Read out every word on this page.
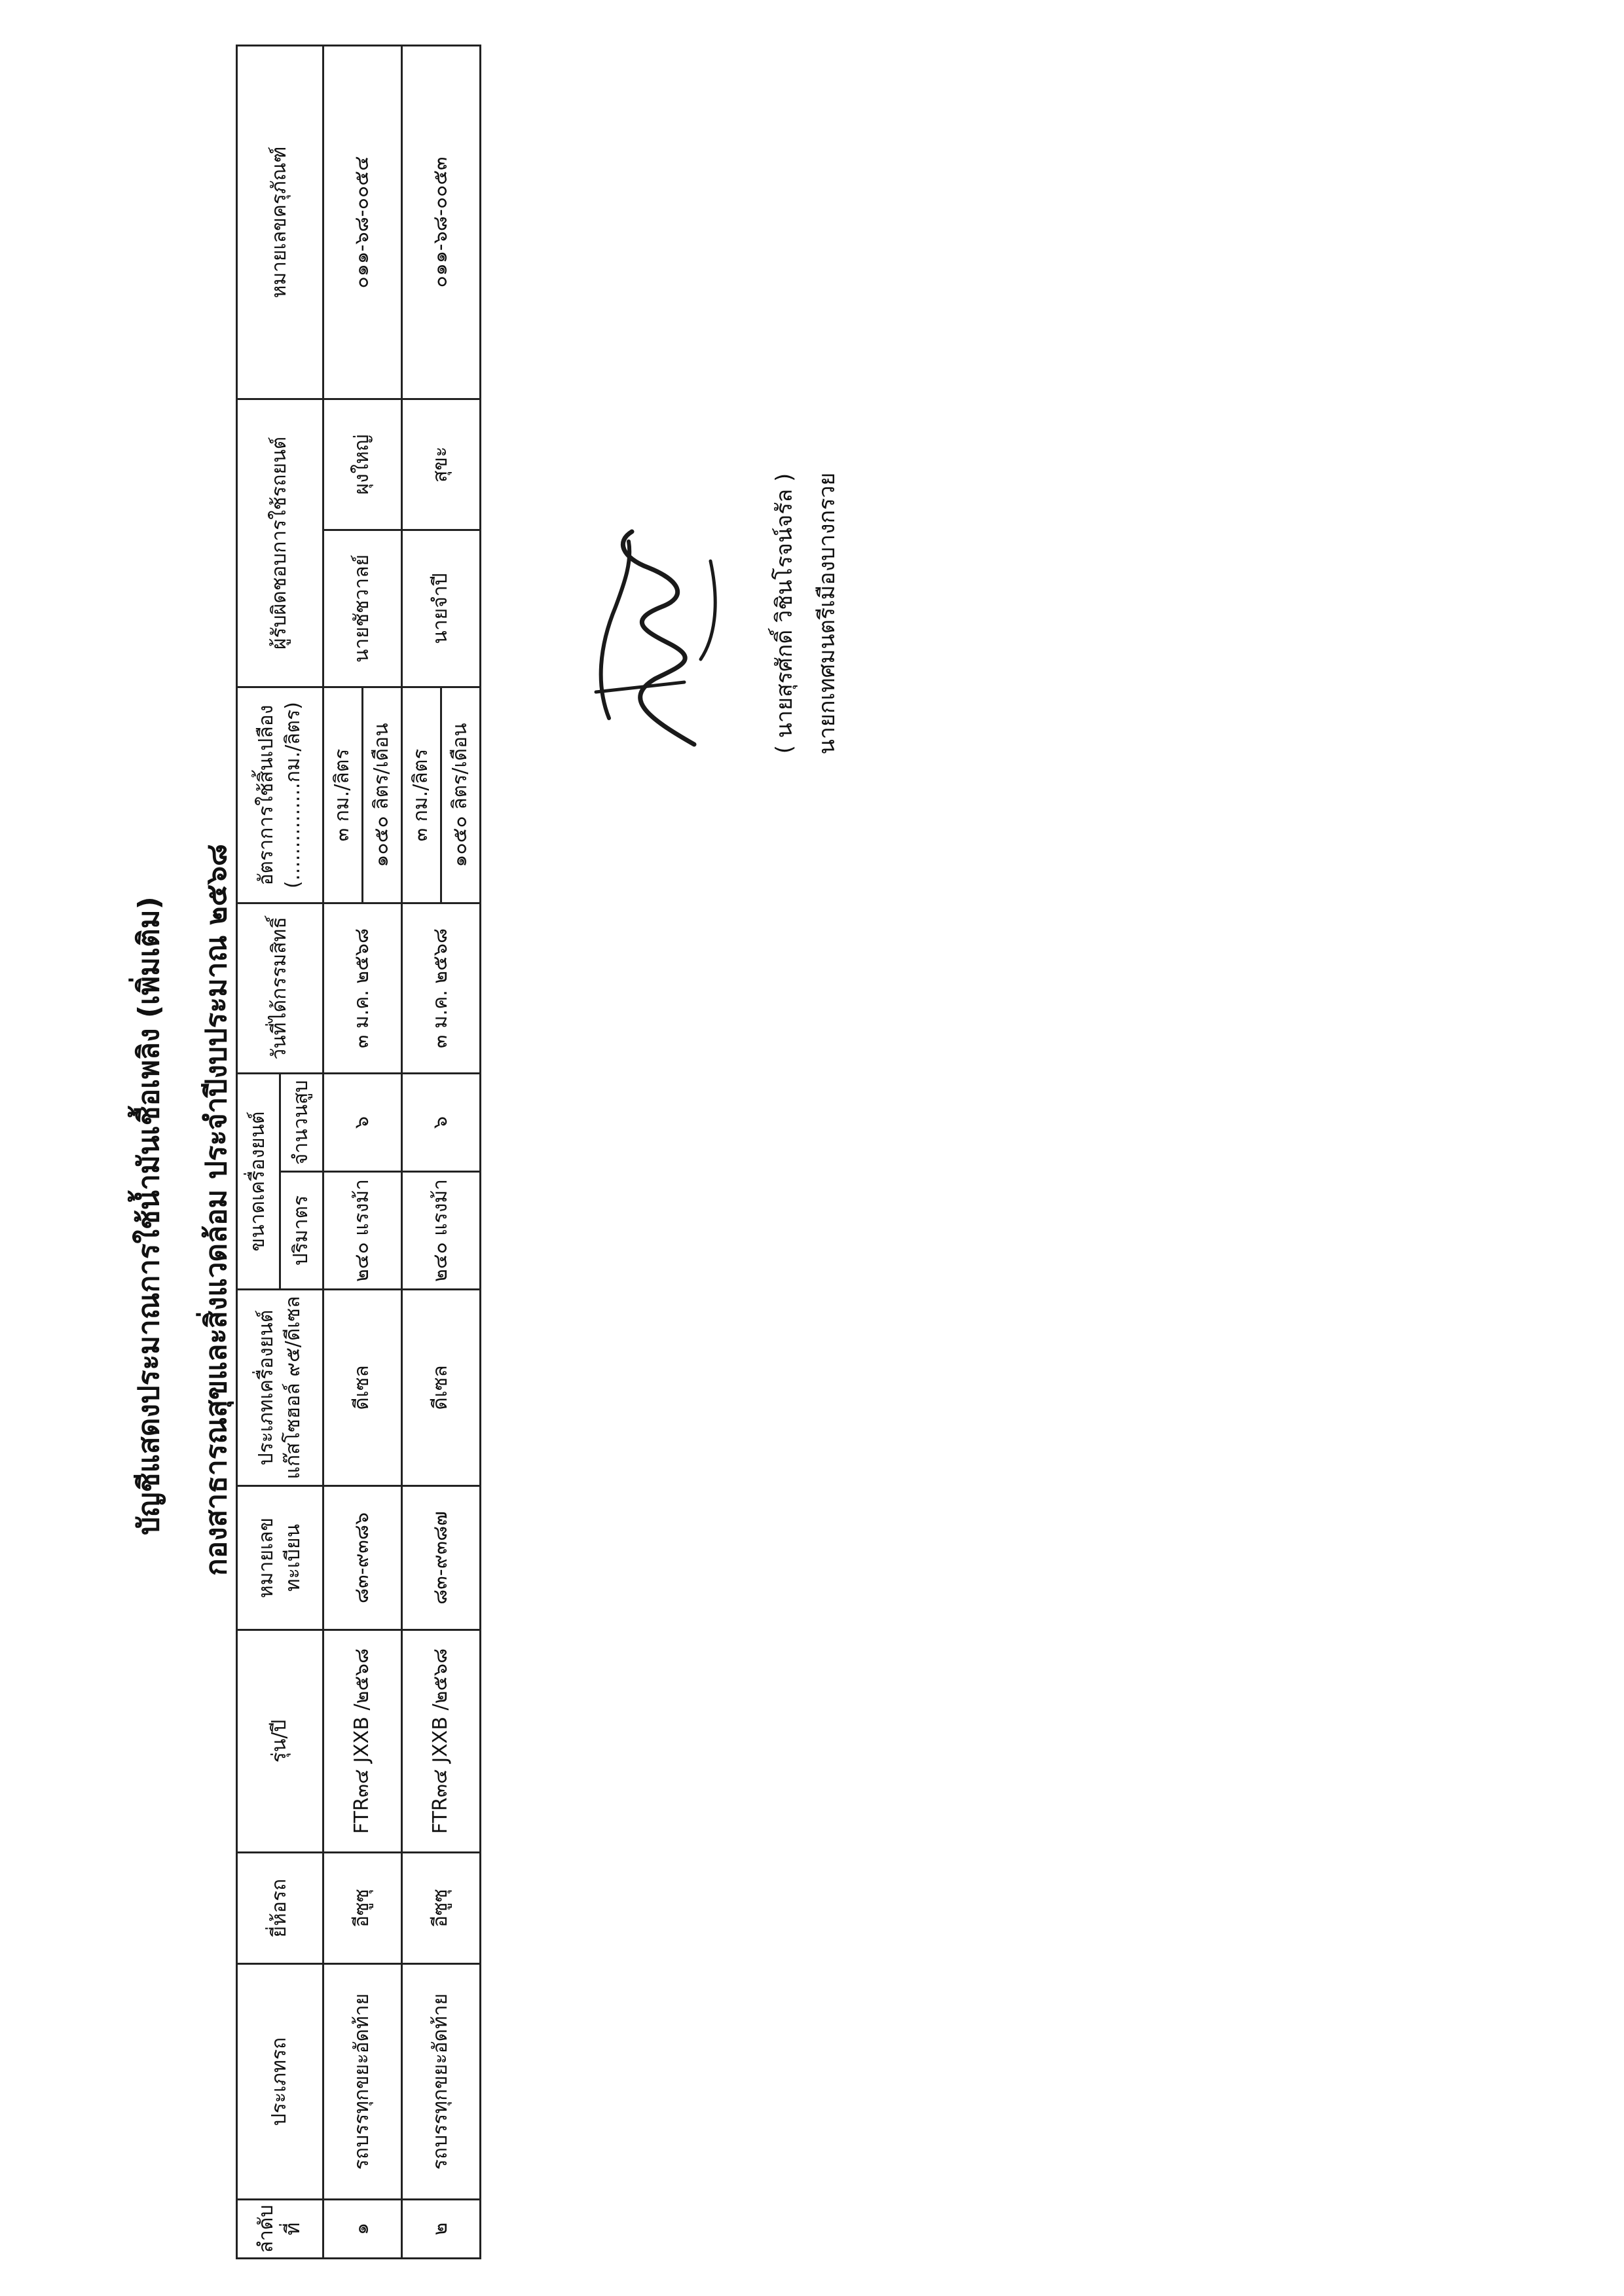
บัญชีแสดงประมาณการใช้น้ำมันเชื้อเพลิง (เพิ่มเติม) กองสาธารณสุขและสิ่งแวดล้อม ประจำปีงบประมาณ ๒๕๖๘
ลำดับที่	ประเภทรถ	ยี่ห้อรถ	รุ่น/ปี	หมายเลขทะเบียน	ประเภทเครื่องยนต์ แก๊สโซฮอล์ ๙๕/ดีเซล	ขนาดเครื่องยนต์		วันที่ได้กรรมสิทธิ์	อัตราการใช้สิ้นเปลือง (……………กม./ลิตร)	ผู้รับผิดชอบการใช้รถยนต์		หมายเลขครุภัณฑ์
						ปริมาตร	จำนวนสูบ					
๑	รถบรรทุกขยะอัดท้าย	อีซูซุ	FTR๓๔ JXXB /๒๕๖๘	๘๓-๙๓๘๖	ดีเซล	๒๔๐ แรงม้า	๖	๓ ม.ค. ๒๕๖๘	๓ กม./ลิตร	นายชัชวาลย์	ผุงใหญ่	๐๑๑-๖๘-๐๐๕๔
									๑๐๕๐ ลิตร/เดือน			
๒	รถบรรทุกขยะอัดท้าย	อีซูซุ	FTR๓๔ JXXB /๒๕๖๘	๘๓-๙๓๘๗	ดีเซล	๒๔๐ แรงม้า	๖	๓ ม.ค. ๒๕๖๘	๓ กม./ลิตร	นายจำปี	สุขะ	๐๑๑-๖๘-๐๐๕๓
									๑๐๕๐ ลิตร/เดือน			
( นายสุรศักดิ์ วิชินโรจน์จรัล ) นายกเทศมนตรีเมืองบางกรวย
